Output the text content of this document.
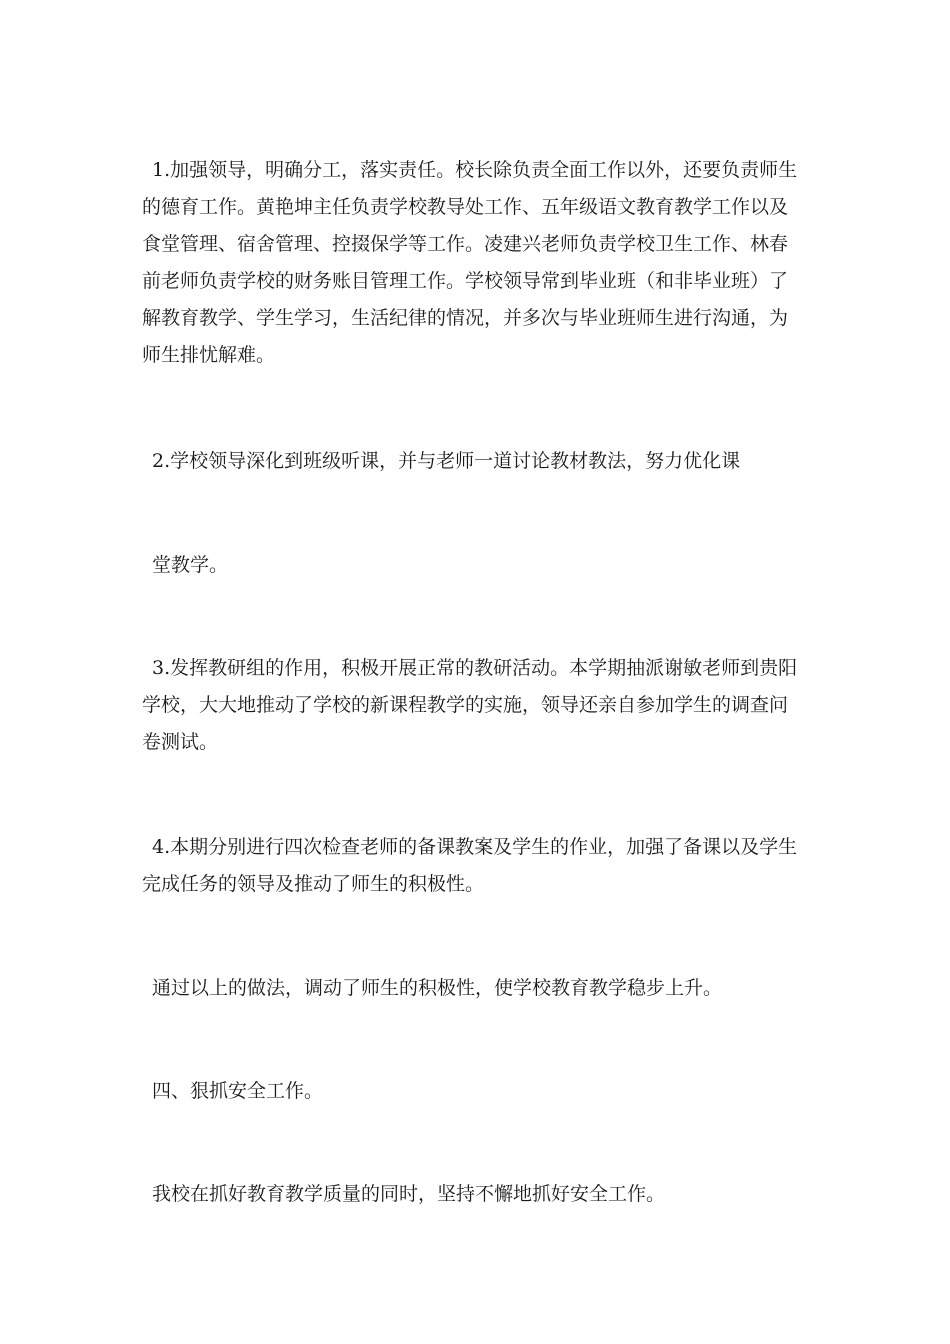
1.加强领导，明确分工，落实责任。校长除负责全面工作以外，还要负责师生
的德育工作。黄艳坤主任负责学校教导处工作、五年级语文教育教学工作以及
食堂管理、宿舍管理、控掇保学等工作。凌建兴老师负责学校卫生工作、林春
前老师负责学校的财务账目管理工作。学校领导常到毕业班（和非毕业班）了
解教育教学、学生学习，生活纪律的情况，并多次与毕业班师生进行沟通，为
师生排忧解难。
2.学校领导深化到班级听课，并与老师一道讨论教材教法，努力优化课
堂教学。
3.发挥教研组的作用，积极开展正常的教研活动。本学期抽派谢敏老师到贵阳
学校，大大地推动了学校的新课程教学的实施，领导还亲自参加学生的调查问
卷测试。
4.本期分别进行四次检查老师的备课教案及学生的作业，加强了备课以及学生
完成任务的领导及推动了师生的积极性。
通过以上的做法，调动了师生的积极性，使学校教育教学稳步上升。
四、狠抓安全工作。
我校在抓好教育教学质量的同时，坚持不懈地抓好安全工作。
